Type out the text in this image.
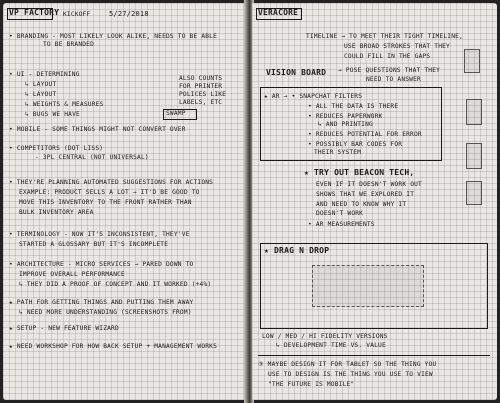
VP FACTORY KICKOFF	5/27/2018
• BRANDING - MOST LIKELY LOOK ALIKE, NEEDS TO BE ABLE
TO BE BRANDED
• UI - DETERMINING
↳ LAYOUT
↳ LAYOUT
↳ WEIGHTS & MEASURES
↳ BUGS WE HAVE	SWAMP
ALSO COUNTS
FOR PRINTER
POLICES LIKE
LABELS, ETC
• MOBILE - SOME THINGS MIGHT NOT CONVERT OVER
• COMPETITORS (DOT LISS)
- 3PL CENTRAL (NOT UNIVERSAL)
• THEY'RE PLANNING AUTOMATED SUGGESTIONS FOR ACTIONS
EXAMPLE: PRODUCT SELLS A LOT → IT'D BE GOOD TO
MOVE THIS INVENTORY TO THE FRONT RATHER THAN
BULK INVENTORY AREA
• TERMINOLOGY - NOW IT'S INCONSISTENT, THEY'VE
STARTED A GLOSSARY BUT IT'S INCOMPLETE
• ARCHITECTURE - MICRO SERVICES → PARED DOWN TO
IMPROVE OVERALL PERFORMANCE
↳ THEY DID A PROOF OF CONCEPT AND IT WORKED (+4%)
★ PATH FOR GETTING THINGS AND PUTTING THEM AWAY
↳ NEED MORE UNDERSTANDING (SCREENSHOTS FROM)
★ SETUP - NEW FEATURE WIZARD
★ NEED WORKSHOP FOR HOW BACK SETUP + MANAGEMENT WORKS
VERACORE
TIMELINE → TO MEET THEIR TIGHT TIMELINE,
USE BROAD STROKES THAT THEY
COULD FILL IN THE GAPS
VISION BOARD → POSE QUESTIONS THAT THEY
NEED TO ANSWER
★ AR → • SNAPCHAT FILTERS
• ALL THE DATA IS THERE
• REDUCES PAPERWORK
↳ AND PRINTING
• REDUCES POTENTIAL FOR ERROR
• POSSIBLY BAR CODES FOR
THEIR SYSTEM
★ TRY OUT BEACON TECH,
EVEN IF IT DOESN'T WORK OUT
SHOWS THAT WE EXPLORED IT
AND NEED TO KNOW WHY IT
DOESN'T WORK
• AR MEASUREMENTS
★ DRAG N DROP
LOW / MED / HI FIDELITY VERSIONS
↳ DEVELOPMENT TIME VS. VALUE
③ MAYBE DESIGN IT FOR TABLET SO THE THING YOU
USE TO DESIGN IS THE THING YOU USE TO VIEW
"THE FUTURE IS MOBILE"
